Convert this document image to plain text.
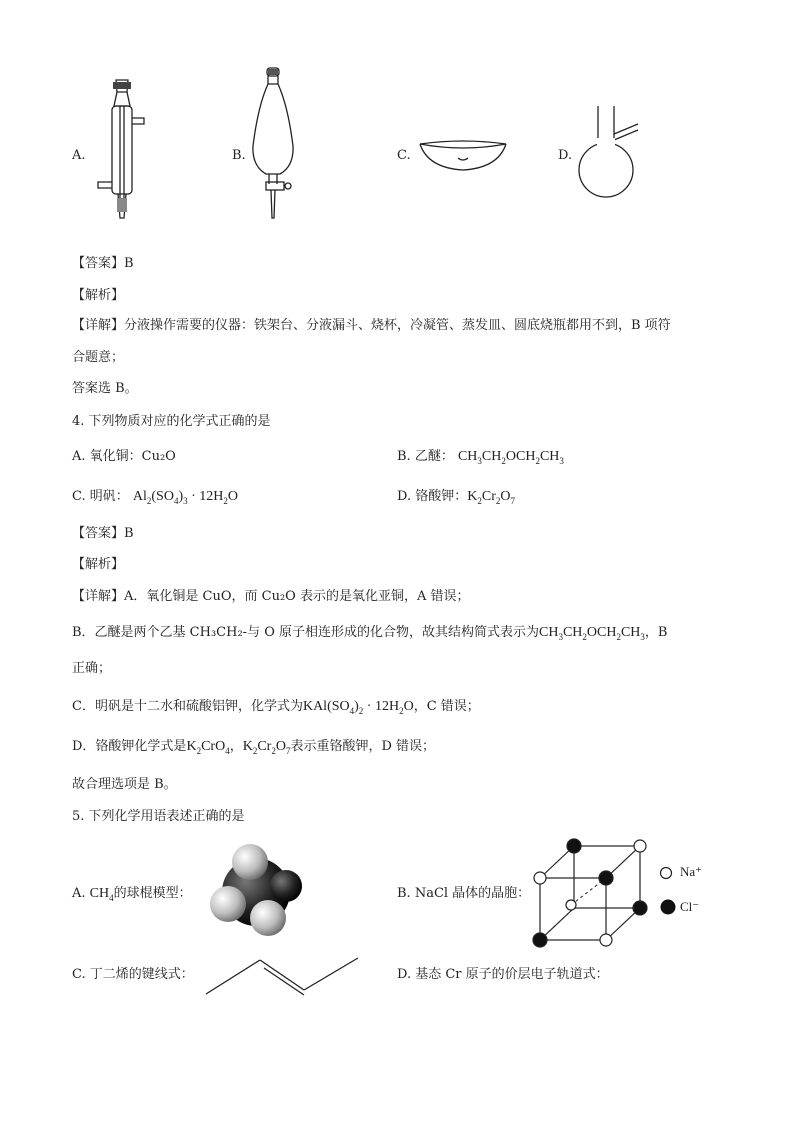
A.	B.	C.	D.
【答案】B
【解析】
【详解】分液操作需要的仪器：铁架台、分液漏斗、烧杯，冷凝管、蒸发皿、圆底烧瓶都用不到，B 项符
合题意；
答案选 B。
4. 下列物质对应的化学式正确的是
A. 氧化铜：Cu₂O	B. 乙醚： $CH_3CH_2OCH_2CH_3$
C. 明矾： $Al_2(SO_4)_3 \cdot 12H_2O$	D. 铬酸钾：$K_2Cr_2O_7$
【答案】B
【解析】
【详解】A．氧化铜是 CuO，而 Cu₂O 表示的是氧化亚铜，A 错误；
B．乙醚是两个乙基 CH₃CH₂-与 O 原子相连形成的化合物，故其结构简式表示为$CH_3CH_2OCH_2CH_3$，B
正确；
C．明矾是十二水和硫酸铝钾，化学式为$KAl(SO_4)_2 \cdot 12H_2O$，C 错误；
D．铬酸钾化学式是$K_2CrO_4$，$K_2Cr_2O_7$表示重铬酸钾，D 错误；
故合理选项是 B。
5. 下列化学用语表述正确的是
A. $CH_4$的球棍模型：	B. NaCl 晶体的晶胞：
Na⁺
Cl⁻
C. 丁二烯的键线式：	D. 基态 Cr 原子的价层电子轨道式：
